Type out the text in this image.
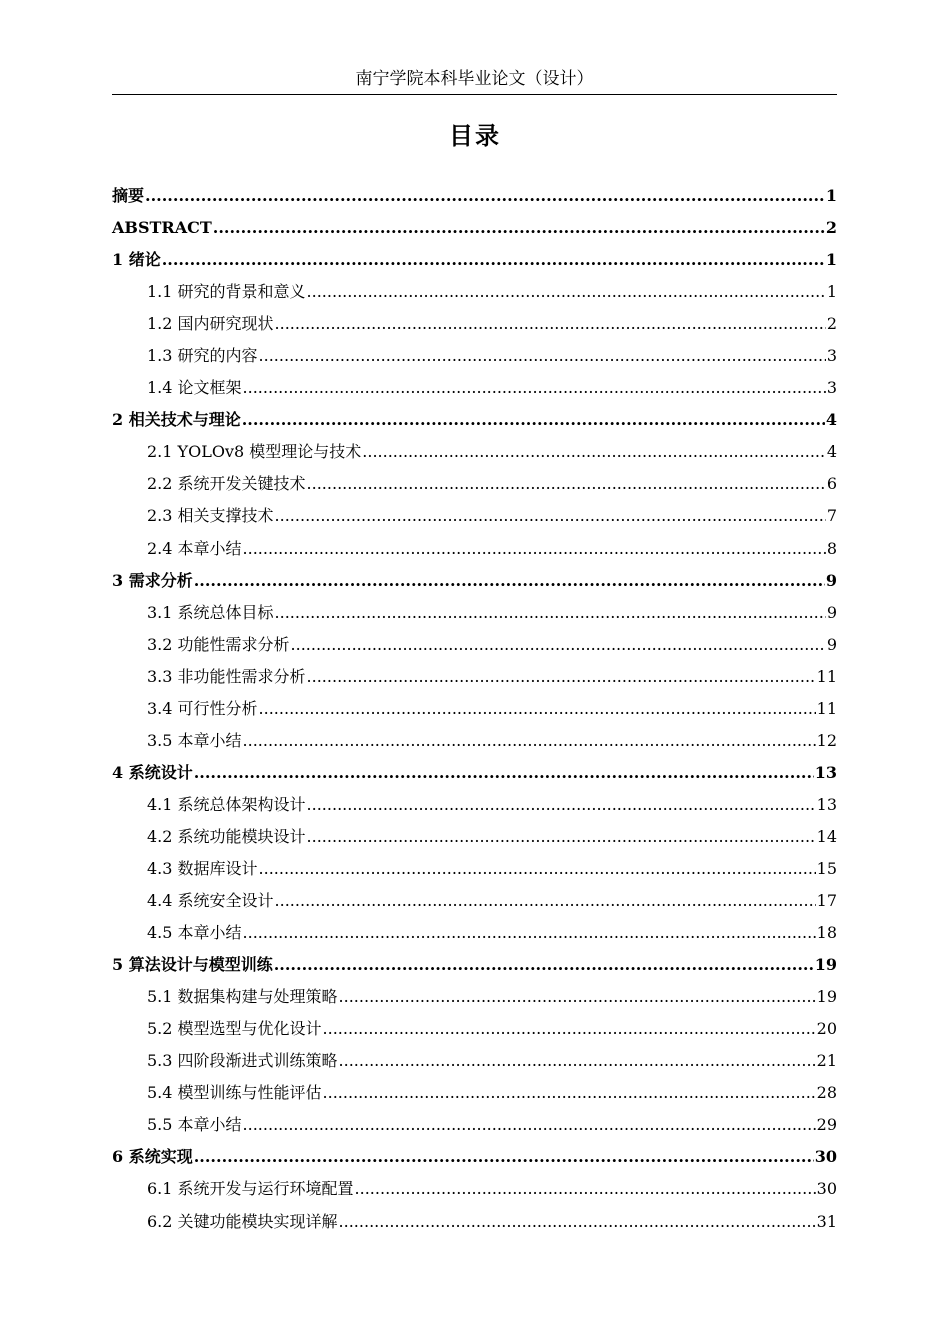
南宁学院本科毕业论文（设计）
目录
摘要 .....	1
ABSTRACT .....	2
1 绪论 .....	1
1.1 研究的背景和意义 .....	1
1.2 国内研究现状 .....	2
1.3 研究的内容 .....	3
1.4 论文框架 .....	3
2 相关技术与理论 .....	4
2.1 YOLOv8 模型理论与技术 .....	4
2.2 系统开发关键技术 .....	6
2.3 相关支撑技术 .....	7
2.4 本章小结 .....	8
3 需求分析 .....	9
3.1 系统总体目标 .....	9
3.2 功能性需求分析 .....	9
3.3 非功能性需求分析 .....	11
3.4 可行性分析 .....	11
3.5 本章小结 .....	12
4 系统设计 .....	13
4.1 系统总体架构设计 .....	13
4.2 系统功能模块设计 .....	14
4.3 数据库设计 .....	15
4.4 系统安全设计 .....	17
4.5 本章小结 .....	18
5 算法设计与模型训练 .....	19
5.1 数据集构建与处理策略 .....	19
5.2 模型选型与优化设计 .....	20
5.3 四阶段渐进式训练策略 .....	21
5.4 模型训练与性能评估 .....	28
5.5 本章小结 .....	29
6 系统实现 .....	30
6.1 系统开发与运行环境配置 .....	30
6.2 关键功能模块实现详解 .....	31
